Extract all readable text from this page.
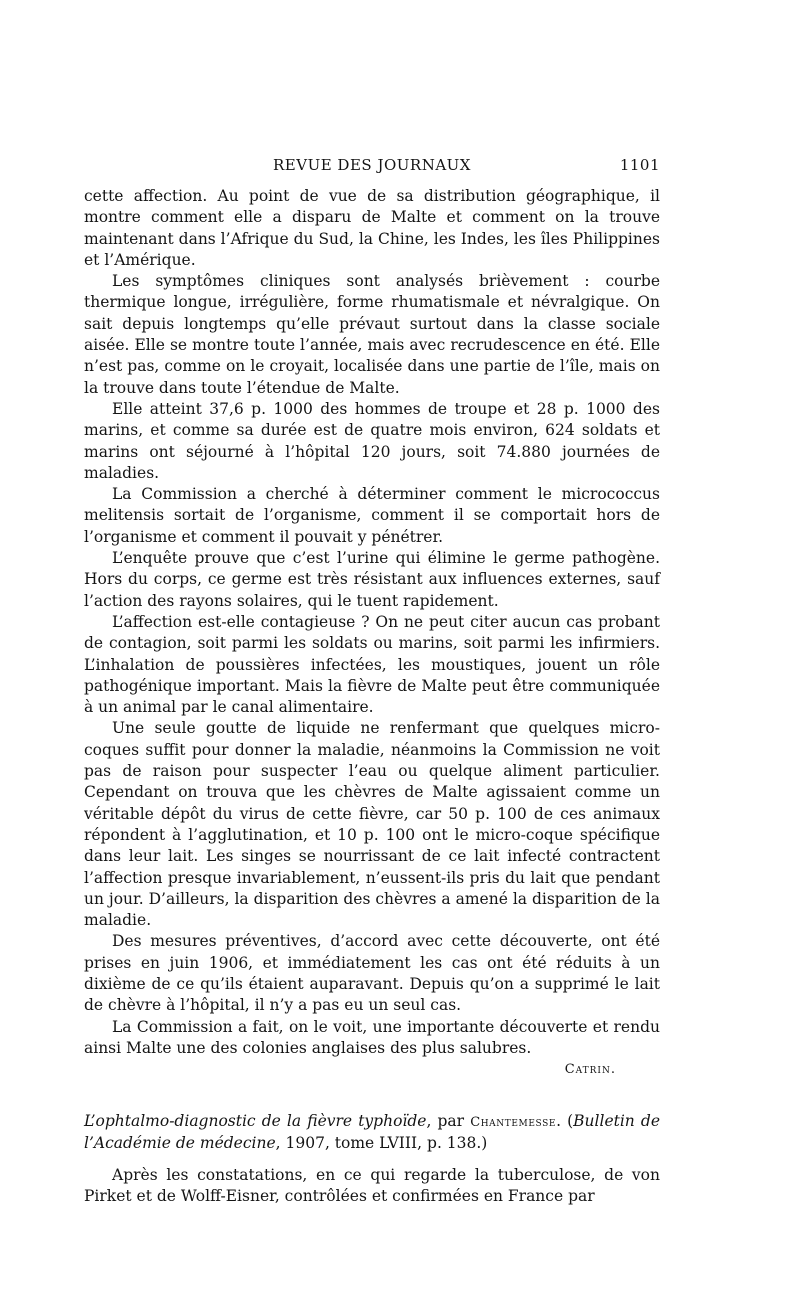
REVUE DES JOURNAUX	1101

cette affection. Au point de vue de sa distribution géographique, il montre comment elle a disparu de Malte et comment on la trouve maintenant dans l’Afrique du Sud, la Chine, les Indes, les îles Philippines et l’Amérique.

Les symptômes cliniques sont analysés brièvement : courbe thermique longue, irrégulière, forme rhumatismale et névralgique. On sait depuis longtemps qu’elle prévaut surtout dans la classe sociale aisée. Elle se montre toute l’année, mais avec recrudescence en été. Elle n’est pas, comme on le croyait, localisée dans une partie de l’île, mais on la trouve dans toute l’étendue de Malte.

Elle atteint 37,6 p. 1000 des hommes de troupe et 28 p. 1000 des marins, et comme sa durée est de quatre mois environ, 624 soldats et marins ont séjourné à l’hôpital 120 jours, soit 74.880 journées de maladies.

La Commission a cherché à déterminer comment le micrococcus melitensis sortait de l’organisme, comment il se comportait hors de l’organisme et comment il pouvait y pénétrer.

L’enquête prouve que c’est l’urine qui élimine le germe pathogène. Hors du corps, ce germe est très résistant aux influences externes, sauf l’action des rayons solaires, qui le tuent rapidement.

L’affection est-elle contagieuse ? On ne peut citer aucun cas probant de contagion, soit parmi les soldats ou marins, soit parmi les infirmiers. L’inhalation de poussières infectées, les moustiques, jouent un rôle pathogénique important. Mais la fièvre de Malte peut être communiquée à un animal par le canal alimentaire.

Une seule goutte de liquide ne renfermant que quelques micro-coques suffit pour donner la maladie, néanmoins la Commission ne voit pas de raison pour suspecter l’eau ou quelque aliment particulier. Cependant on trouva que les chèvres de Malte agissaient comme un véritable dépôt du virus de cette fièvre, car 50 p. 100 de ces animaux répondent à l’agglutination, et 10 p. 100 ont le micro-coque spécifique dans leur lait. Les singes se nourrissant de ce lait infecté contractent l’affection presque invariablement, n’eussent-ils pris du lait que pendant un jour. D’ailleurs, la disparition des chèvres a amené la disparition de la maladie.

Des mesures préventives, d’accord avec cette découverte, ont été prises en juin 1906, et immédiatement les cas ont été réduits à un dixième de ce qu’ils étaient auparavant. Depuis qu’on a supprimé le lait de chèvre à l’hôpital, il n’y a pas eu un seul cas.

La Commission a fait, on le voit, une importante découverte et rendu ainsi Malte une des colonies anglaises des plus salubres.

Catrin.
L’ophtalmo-diagnostic de la fièvre typhoïde, par Chantemesse. (Bulletin de l’Académie de médecine, 1907, tome LVIII, p. 138.)

Après les constatations, en ce qui regarde la tuberculose, de von Pirket et de Wolff-Eisner, contrôlées et confirmées en France par
